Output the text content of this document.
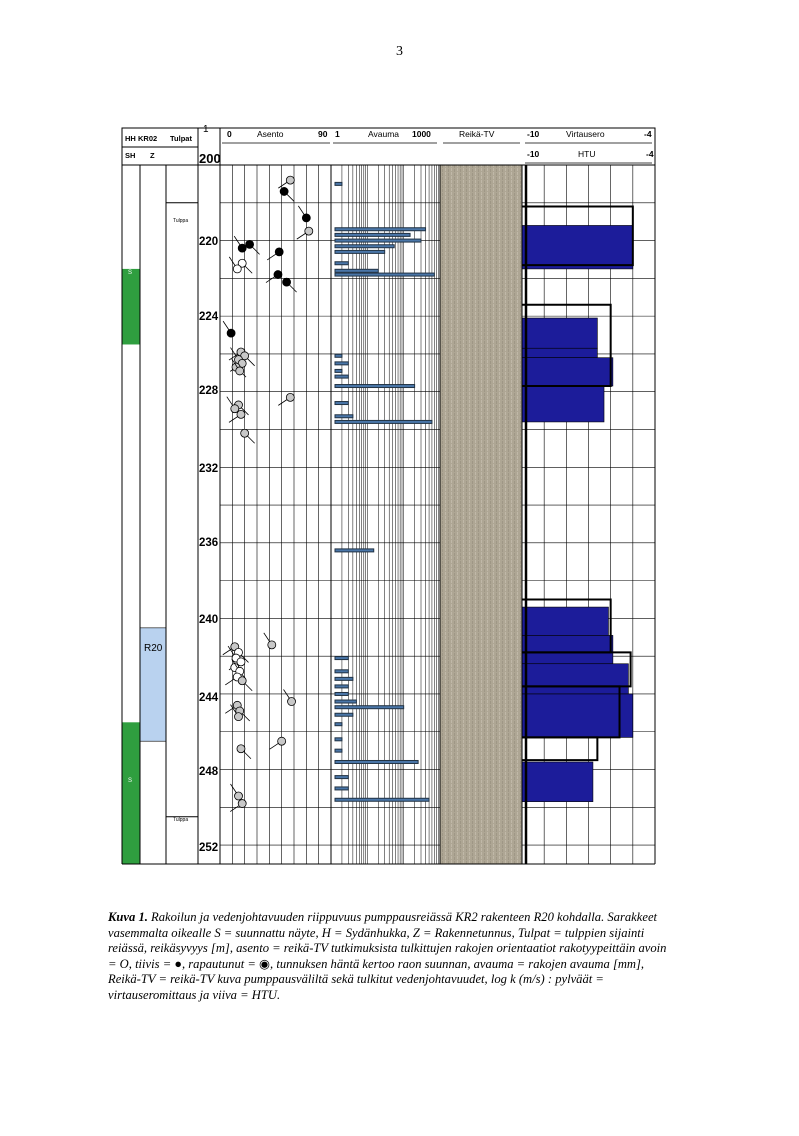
3
HH KR02 Tulpat
SH Z
1
200
0	Asento	90 1	Avauma 1000	Reikä-TV	-10	Virtausero	-4
-10	HTU	-4
220
224
228
232
236
240
244
248
252
R20
Tulppa
Tulppa
S
S
Kuva 1. Rakoilun ja vedenjohtavuuden riippuvuus pumppausreiässä KR2 rakenteen R20 kohdalla. Sarakkeet vasemmalta oikealle S = suunnattu näyte, H = Sydänhukka, Z = Rakennetunnus, Tulpat = tulppien sijainti reiässä, reikäsyvyys [m], asento = reikä-TV tutkimuksista tulkittujen rakojen orientaatiot rakotyypeittäin avoin = O, tiivis = ●, rapautunut = ◉, tunnuksen häntä kertoo raon suunnan, avauma = rakojen avauma [mm], Reikä-TV = reikä-TV kuva pumppausväliltä sekä tulkitut vedenjohtavuudet, log k (m/s) : pylväät = virtauseromittaus ja viiva = HTU.
